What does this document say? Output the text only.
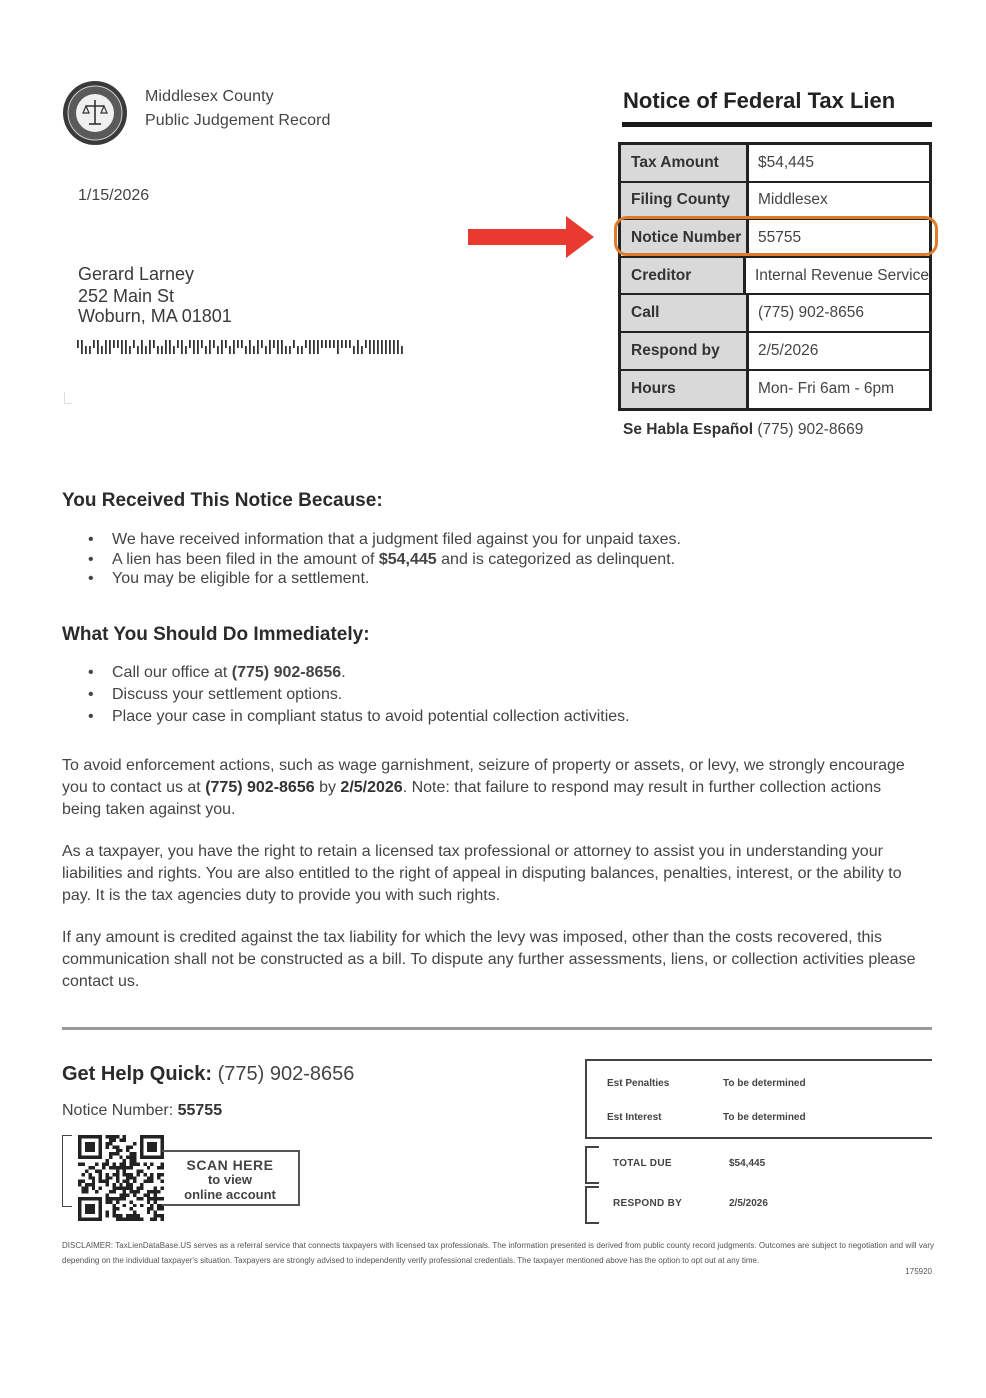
Middlesex County
Public Judgement Record
1/15/2026
Gerard Larney
252 Main St
Woburn, MA 01801
Notice of Federal Tax Lien
Tax Amount	$54,445
Filing County	Middlesex
Notice Number	55755
Creditor	Internal Revenue Service
Call	(775) 902-8656
Respond by	2/5/2026
Hours	Mon- Fri 6am - 6pm
Se Habla Español (775) 902-8669
You Received This Notice Because:
• We have received information that a judgment filed against you for unpaid taxes.
• A lien has been filed in the amount of $54,445 and is categorized as delinquent.
• You may be eligible for a settlement.
What You Should Do Immediately:
• Call our office at (775) 902-8656.
• Discuss your settlement options.
• Place your case in compliant status to avoid potential collection activities.

To avoid enforcement actions, such as wage garnishment, seizure of property or assets, or levy, we strongly encourage you to contact us at (775) 902-8656 by 2/5/2026. Note: that failure to respond may result in further collection actions being taken against you.

As a taxpayer, you have the right to retain a licensed tax professional or attorney to assist you in understanding your liabilities and rights. You are also entitled to the right of appeal in disputing balances, penalties, interest, or the ability to pay. It is the tax agencies duty to provide you with such rights.

If any amount is credited against the tax liability for which the levy was imposed, other than the costs recovered, this communication shall not be constructed as a bill. To dispute any further assessments, liens, or collection activities please contact us.

Get Help Quick: (775) 902-8656
Notice Number: 55755
SCAN HERE
to view
online account
Est Penalties	To be determined
Est Interest	To be determined
TOTAL DUE	$54,445
RESPOND BY	2/5/2026

DISCLAIMER: TaxLienDataBase.US serves as a referral service that connects taxpayers with licensed tax professionals. The information presented is derived from public county record judgments. Outcomes are subject to negotiation and will vary depending on the individual taxpayer's situation. Taxpayers are strongly advised to independently verify professional credentials. The taxpayer mentioned above has the option to opt out at any time.

175920
